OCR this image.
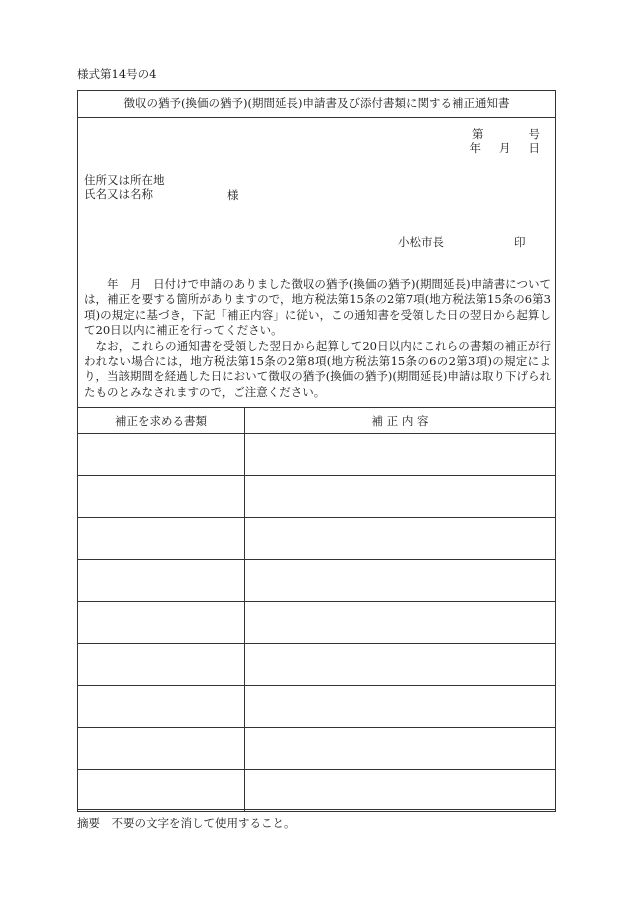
様式第14号の4
徴収の猶予(換価の猶予)(期間延長)申請書及び添付書類に関する補正通知書
第	号
年 月 日
住所又は所在地
氏名又は名称	様
小松市長	印

年　月　日付けで申請のありました徴収の猶予(換価の猶予)(期間延長)申請書については，補正を要する箇所がありますので，地方税法第15条の2第7項(地方税法第15条の6第3項)の規定に基づき，下記「補正内容」に従い，この通知書を受領した日の翌日から起算して20日以内に補正を行ってください。

なお，これらの通知書を受領した翌日から起算して20日以内にこれらの書類の補正が行われない場合には，地方税法第15条の2第8項(地方税法第15条の6の2第3項)の規定により，当該期間を経過した日において徴収の猶予(換価の猶予)(期間延長)申請は取り下げられたものとみなされますので，ご注意ください。

補正を求める書類	補 正 内 容

摘要　不要の文字を消して使用すること。
